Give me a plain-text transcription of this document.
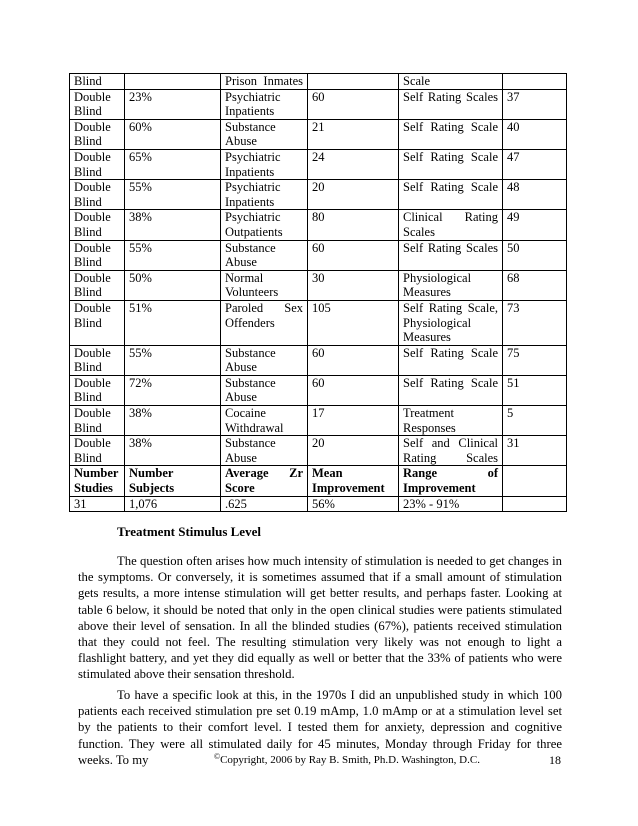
Blind		Prison Inmates		Scale	
Double Blind	23%	Psychiatric Inpatients	60	Self Rating Scales	37
Double Blind	60%	Substance Abuse	21	Self Rating Scale	40
Double Blind	65%	Psychiatric Inpatients	24	Self Rating Scale	47
Double Blind	55%	Psychiatric Inpatients	20	Self Rating Scale	48
Double Blind	38%	Psychiatric Outpatients	80	Clinical Rating Scales	49
Double Blind	55%	Substance Abuse	60	Self Rating Scales	50
Double Blind	50%	Normal Volunteers	30	Physiological Measures	68
Double Blind	51%	Paroled Sex Offenders	105	Self Rating Scale, Physiological Measures	73
Double Blind	55%	Substance Abuse	60	Self Rating Scale	75
Double Blind	72%	Substance Abuse	60	Self Rating Scale	51
Double Blind	38%	Cocaine Withdrawal	17	Treatment Responses	5
Double Blind	38%	Substance Abuse	20	Self and Clinical Rating Scales	31
Number Studies	Number Subjects	Average Zr Score	Mean Improvement	Range of Improvement	
31	1,076	.625	56%	23% - 91%	
Treatment Stimulus Level

The question often arises how much intensity of stimulation is needed to get changes in the symptoms. Or conversely, it is sometimes assumed that if a small amount of stimulation gets results, a more intense stimulation will get better results, and perhaps faster. Looking at table 6 below, it should be noted that only in the open clinical studies were patients stimulated above their level of sensation. In all the blinded studies (67%), patients received stimulation that they could not feel. The resulting stimulation very likely was not enough to light a flashlight battery, and yet they did equally as well or better that the 33% of patients who were stimulated above their sensation threshold.

To have a specific look at this, in the 1970s I did an unpublished study in which 100 patients each received stimulation pre set 0.19 mAmp, 1.0 mAmp or at a stimulation level set by the patients to their comfort level. I tested them for anxiety, depression and cognitive function. They were all stimulated daily for 45 minutes, Monday through Friday for three weeks. To my	©Copyright, 2006 by Ray B. Smith, Ph.D. Washington, D.C.	18
